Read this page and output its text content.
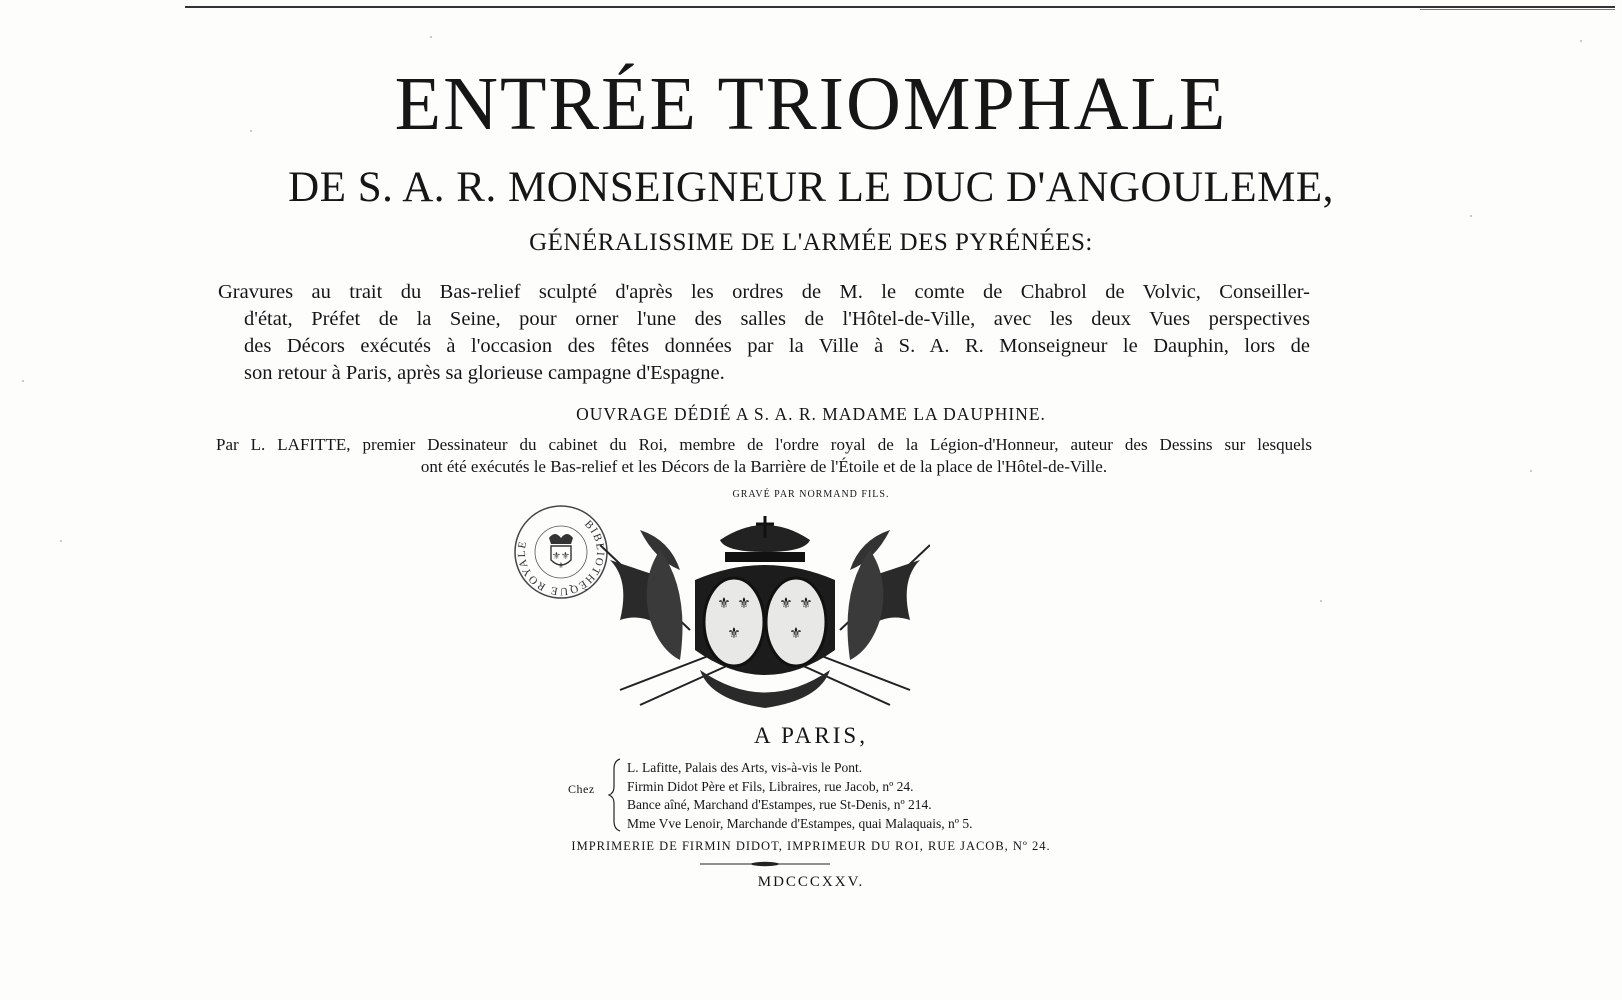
ENTRÉE TRIOMPHALE
DE S. A. R. MONSEIGNEUR LE DUC D'ANGOULEME,
GÉNÉRALISSIME DE L'ARMÉE DES PYRÉNÉES:
Gravures au trait du Bas-relief sculpté d'après les ordres de M. le comte de Chabrol de Volvic, Conseiller-
d'état, Préfet de la Seine, pour orner l'une des salles de l'Hôtel-de-Ville, avec les deux Vues perspectives
des Décors exécutés à l'occasion des fêtes données par la Ville à S. A. R. Monseigneur le Dauphin, lors de
son retour à Paris, après sa glorieuse campagne d'Espagne.
OUVRAGE DÉDIÉ A S. A. R. MADAME LA DAUPHINE.
Par L. LAFITTE, premier Dessinateur du cabinet du Roi, membre de l'ordre royal de la Légion-d'Honneur, auteur des Dessins sur lesquels
ont été exécutés le Bas-relief et les Décors de la Barrière de l'Étoile et de la place de l'Hôtel-de-Ville.
GRAVÉ PAR NORMAND FILS.
BIBLIOTHÈQUE ROYALE
⚜⚜
⚜
⚜ ⚜
⚜
⚜ ⚜
⚜
A PARIS,
Chez
L. Lafitte, Palais des Arts, vis-à-vis le Pont.
Firmin Didot Père et Fils, Libraires, rue Jacob, nº 24.
Bance aîné, Marchand d'Estampes, rue St-Denis, nº 214.
Mme Vve Lenoir, Marchande d'Estampes, quai Malaquais, nº 5.
IMPRIMERIE DE FIRMIN DIDOT, IMPRIMEUR DU ROI, RUE JACOB, Nº 24.
MDCCCXXV.
